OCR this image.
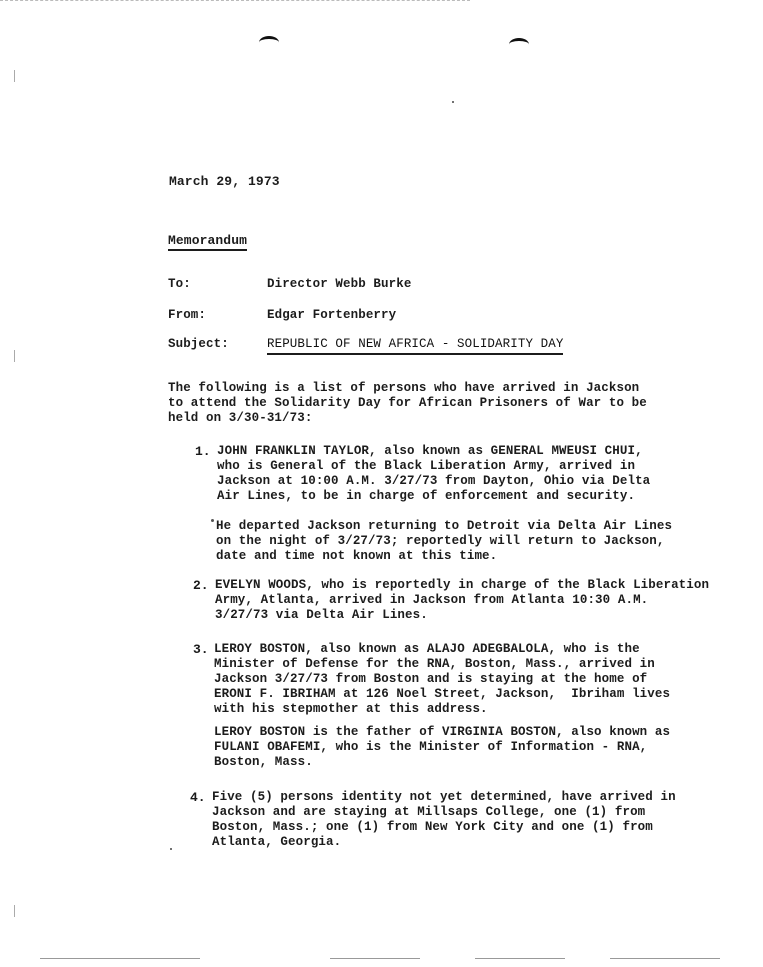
March 29, 1973
Memorandum
To:	Director Webb Burke
From:	Edgar Fortenberry
Subject:	REPUBLIC OF NEW AFRICA - SOLIDARITY DAY
The following is a list of persons who have arrived in Jackson
to attend the Solidarity Day for African Prisoners of War to be
held on 3/30-31/73:
1. JOHN FRANKLIN TAYLOR, also known as GENERAL MWEUSI CHUI,
who is General of the Black Liberation Army, arrived in
Jackson at 10:00 A.M. 3/27/73 from Dayton, Ohio via Delta
Air Lines, to be in charge of enforcement and security.
He departed Jackson returning to Detroit via Delta Air Lines
on the night of 3/27/73; reportedly will return to Jackson,
date and time not known at this time.
2. EVELYN WOODS, who is reportedly in charge of the Black Liberation
Army, Atlanta, arrived in Jackson from Atlanta 10:30 A.M.
3/27/73 via Delta Air Lines.
3. LEROY BOSTON, also known as ALAJO ADEGBALOLA, who is the
Minister of Defense for the RNA, Boston, Mass., arrived in
Jackson 3/27/73 from Boston and is staying at the home of
ERONI F. IBRIHAM at 126 Noel Street, Jackson,  Ibriham lives
with his stepmother at this address.
LEROY BOSTON is the father of VIRGINIA BOSTON, also known as
FULANI OBAFEMI, who is the Minister of Information - RNA,
Boston, Mass.
4. Five (5) persons identity not yet determined, have arrived in
Jackson and are staying at Millsaps College, one (1) from
Boston, Mass.; one (1) from New York City and one (1) from
Atlanta, Georgia.
